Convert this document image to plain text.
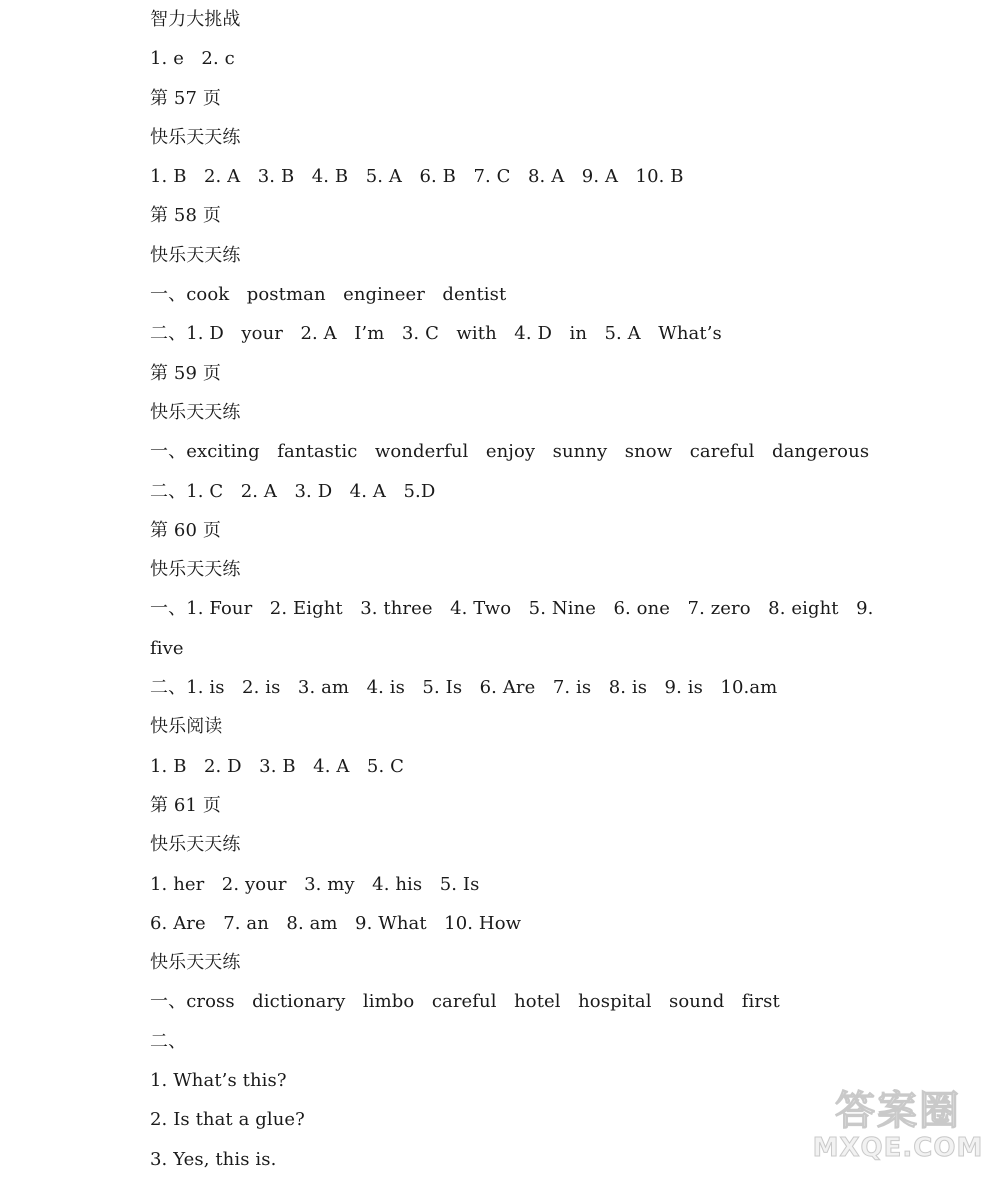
智力大挑战
1. e   2. c
第 57 页
快乐天天练
1. B   2. A   3. B   4. B   5. A   6. B   7. C   8. A   9. A   10. B
第 58 页
快乐天天练
一、cook   postman   engineer   dentist
二、1. D   your   2. A   I’m   3. C   with   4. D   in   5. A   What’s
第 59 页
快乐天天练
一、exciting   fantastic   wonderful   enjoy   sunny   snow   careful   dangerous
二、1. C   2. A   3. D   4. A   5.D
第 60 页
快乐天天练
一、1. Four   2. Eight   3. three   4. Two   5. Nine   6. one   7. zero   8. eight   9.
five
二、1. is   2. is   3. am   4. is   5. Is   6. Are   7. is   8. is   9. is   10.am
快乐阅读
1. B   2. D   3. B   4. A   5. C
第 61 页
快乐天天练
1. her   2. your   3. my   4. his   5. Is
6. Are   7. an   8. am   9. What   10. How
快乐天天练
一、cross   dictionary   limbo   careful   hotel   hospital   sound   first
二、
1. What’s this?
2. Is that a glue?
3. Yes, this is.
答案圈
MXQE.COM
